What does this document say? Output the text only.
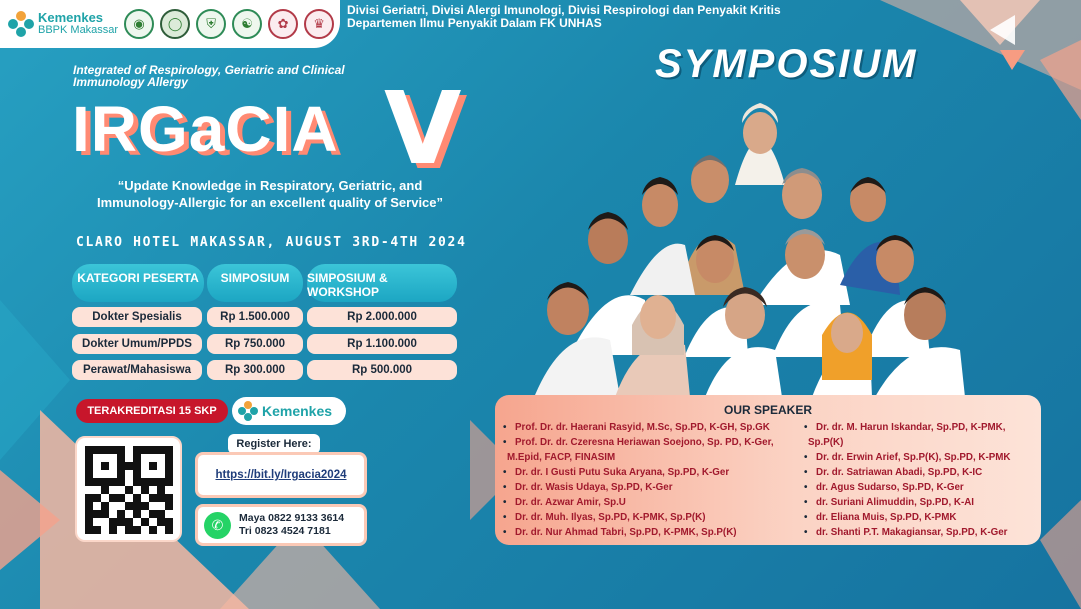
Kemenkes
BBPK Makassar	◉	◯	⛨	☯	✿	♛
Divisi Geriatri, Divisi Alergi Imunologi, Divisi Respirologi dan Penyakit Kritis
Departemen Ilmu Penyakit Dalam FK UNHAS
Integrated of Respirology, Geriatric and Clinical
Immunology Allergy
IRGaCIA V
SYMPOSIUM
“Update Knowledge in Respiratory, Geriatric, and
Immunology-Allergic for an excellent quality of Service”
CLARO HOTEL MAKASSAR, AUGUST 3RD-4TH 2024
KATEGORI PESERTA	SIMPOSIUM	SIMPOSIUM & WORKSHOP
Dokter Spesialis	Rp 1.500.000	Rp 2.000.000
Dokter Umum/PPDS	Rp 750.000	Rp 1.100.000
Perawat/Mahasiswa	Rp 300.000	Rp 500.000
TERAKREDITASI 15 SKP	Kemenkes
Register Here:
https://bit.ly/Irgacia2024
✆	Maya 0822 9133 3614
Tri 0823 4524 7181
OUR SPEAKER
• Prof. Dr. dr. Haerani Rasyid, M.Sc, Sp.PD, K-GH, Sp.GK
• Prof. Dr. dr. Czeresna Heriawan Soejono, Sp. PD, K-Ger,
M.Epid, FACP, FINASIM
• Dr. dr. I Gusti Putu Suka Aryana, Sp.PD, K-Ger
• Dr. dr. Wasis Udaya, Sp.PD, K-Ger
• Dr. dr. Azwar Amir, Sp.U
• Dr. dr. Muh. Ilyas, Sp.PD, K-PMK, Sp.P(K)
• Dr. dr. Nur Ahmad Tabri, Sp.PD, K-PMK, Sp.P(K)
• Dr. dr. M. Harun Iskandar, Sp.PD, K-PMK,
Sp.P(K)
• Dr. dr. Erwin Arief, Sp.P(K), Sp.PD, K-PMK
• Dr. dr. Satriawan Abadi, Sp.PD, K-IC
• dr. Agus Sudarso, Sp.PD, K-Ger
• dr. Suriani Alimuddin, Sp.PD, K-AI
• dr. Eliana Muis, Sp.PD, K-PMK
• dr. Shanti P.T. Makagiansar, Sp.PD, K-Ger
